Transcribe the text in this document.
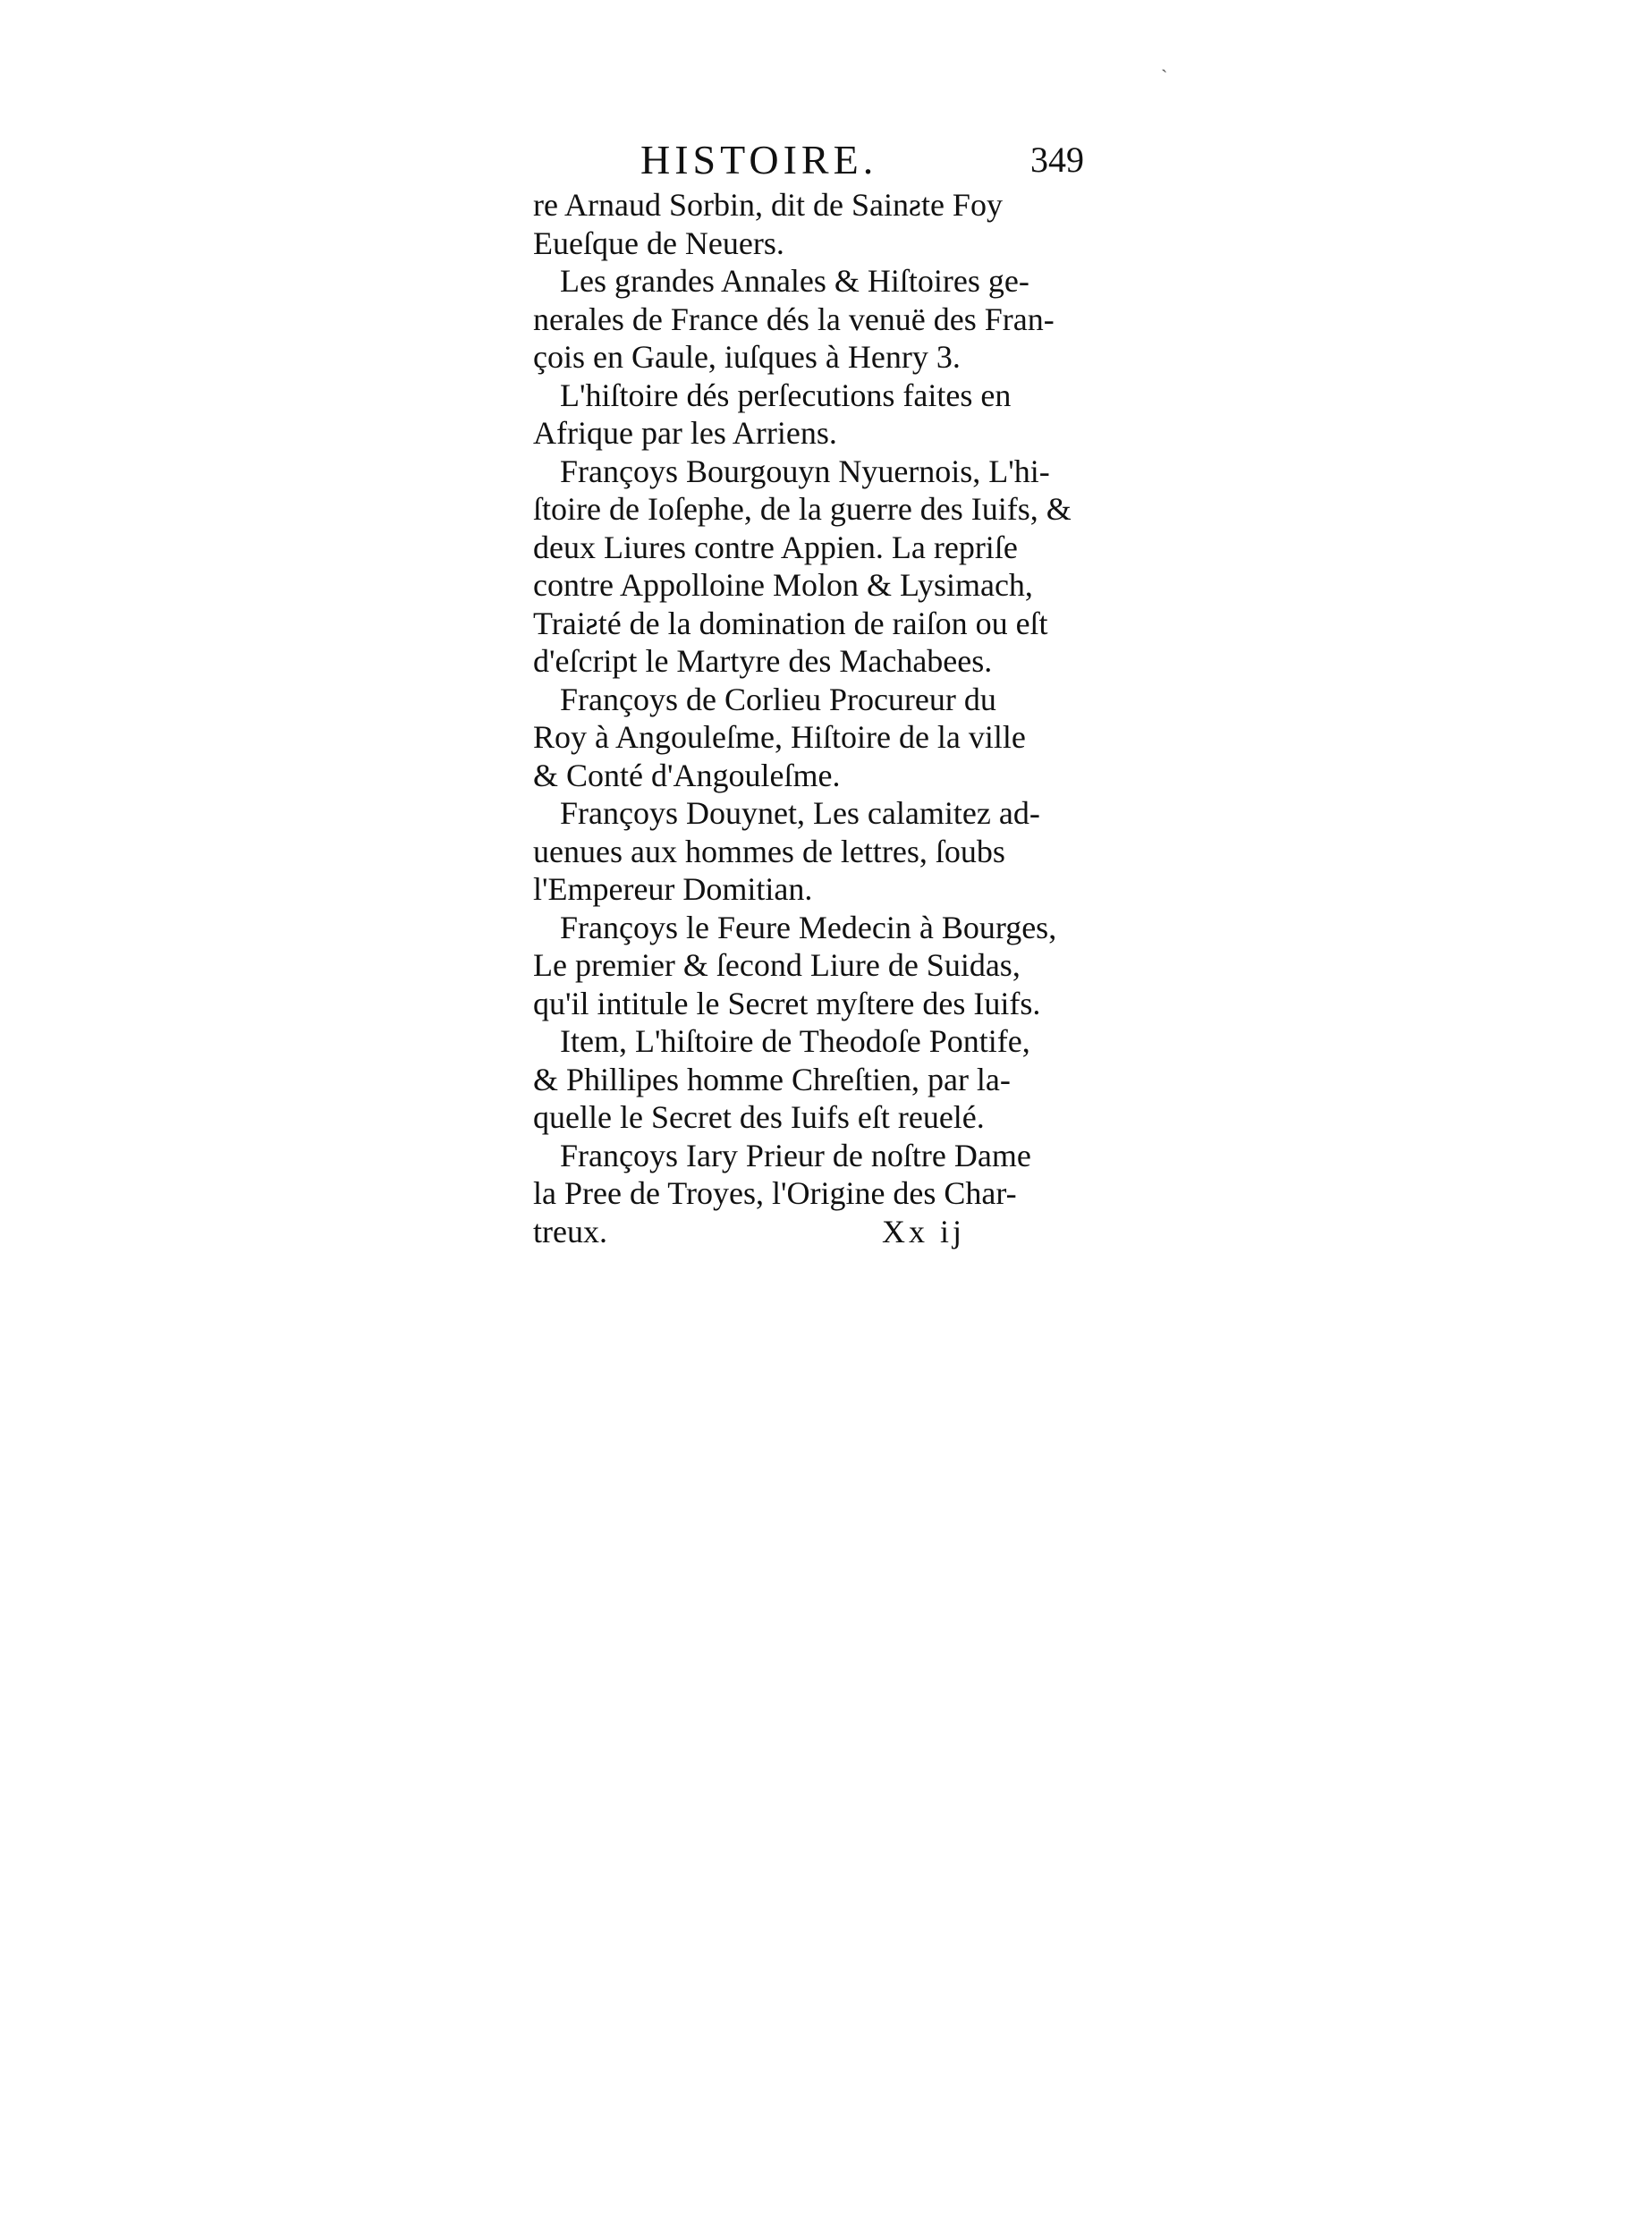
ˏ
HISTOIRE.	349
re Arnaud Sorbin, dit de Sainƨte Foy
Eueſque de Neuers.
Les grandes Annales & Hiſtoires ge-
nerales de France dés la venuë des Fran-
çois en Gaule, iuſques à Henry 3.
L'hiſtoire dés perſecutions faites en
Afrique par les Arriens.
Françoys Bourgouyn Nyuernois, L'hi-
ſtoire de Ioſephe, de la guerre des Iuifs, &
deux Liures contre Appien. La repriſe
contre Appolloine Molon & Lysimach,
Traiƨté de la domination de raiſon ou eſt
d'eſcript le Martyre des Machabees.
Françoys de Corlieu Procureur du
Roy à Angouleſme, Hiſtoire de la ville
& Conté d'Angouleſme.
Françoys Douynet, Les calamitez ad-
uenues aux hommes de lettres, ſoubs
l'Empereur Domitian.
Françoys le Feure Medecin à Bourges,
Le premier & ſecond Liure de Suidas,
qu'il intitule le Secret myſtere des Iuifs.
Item, L'hiſtoire de Theodoſe Pontife,
& Phillipes homme Chreſtien, par la-
quelle le Secret des Iuifs eſt reuelé.
Françoys Iary Prieur de noſtre Dame
la Pree de Troyes, l'Origine des Char-
treux.	Xx ij
